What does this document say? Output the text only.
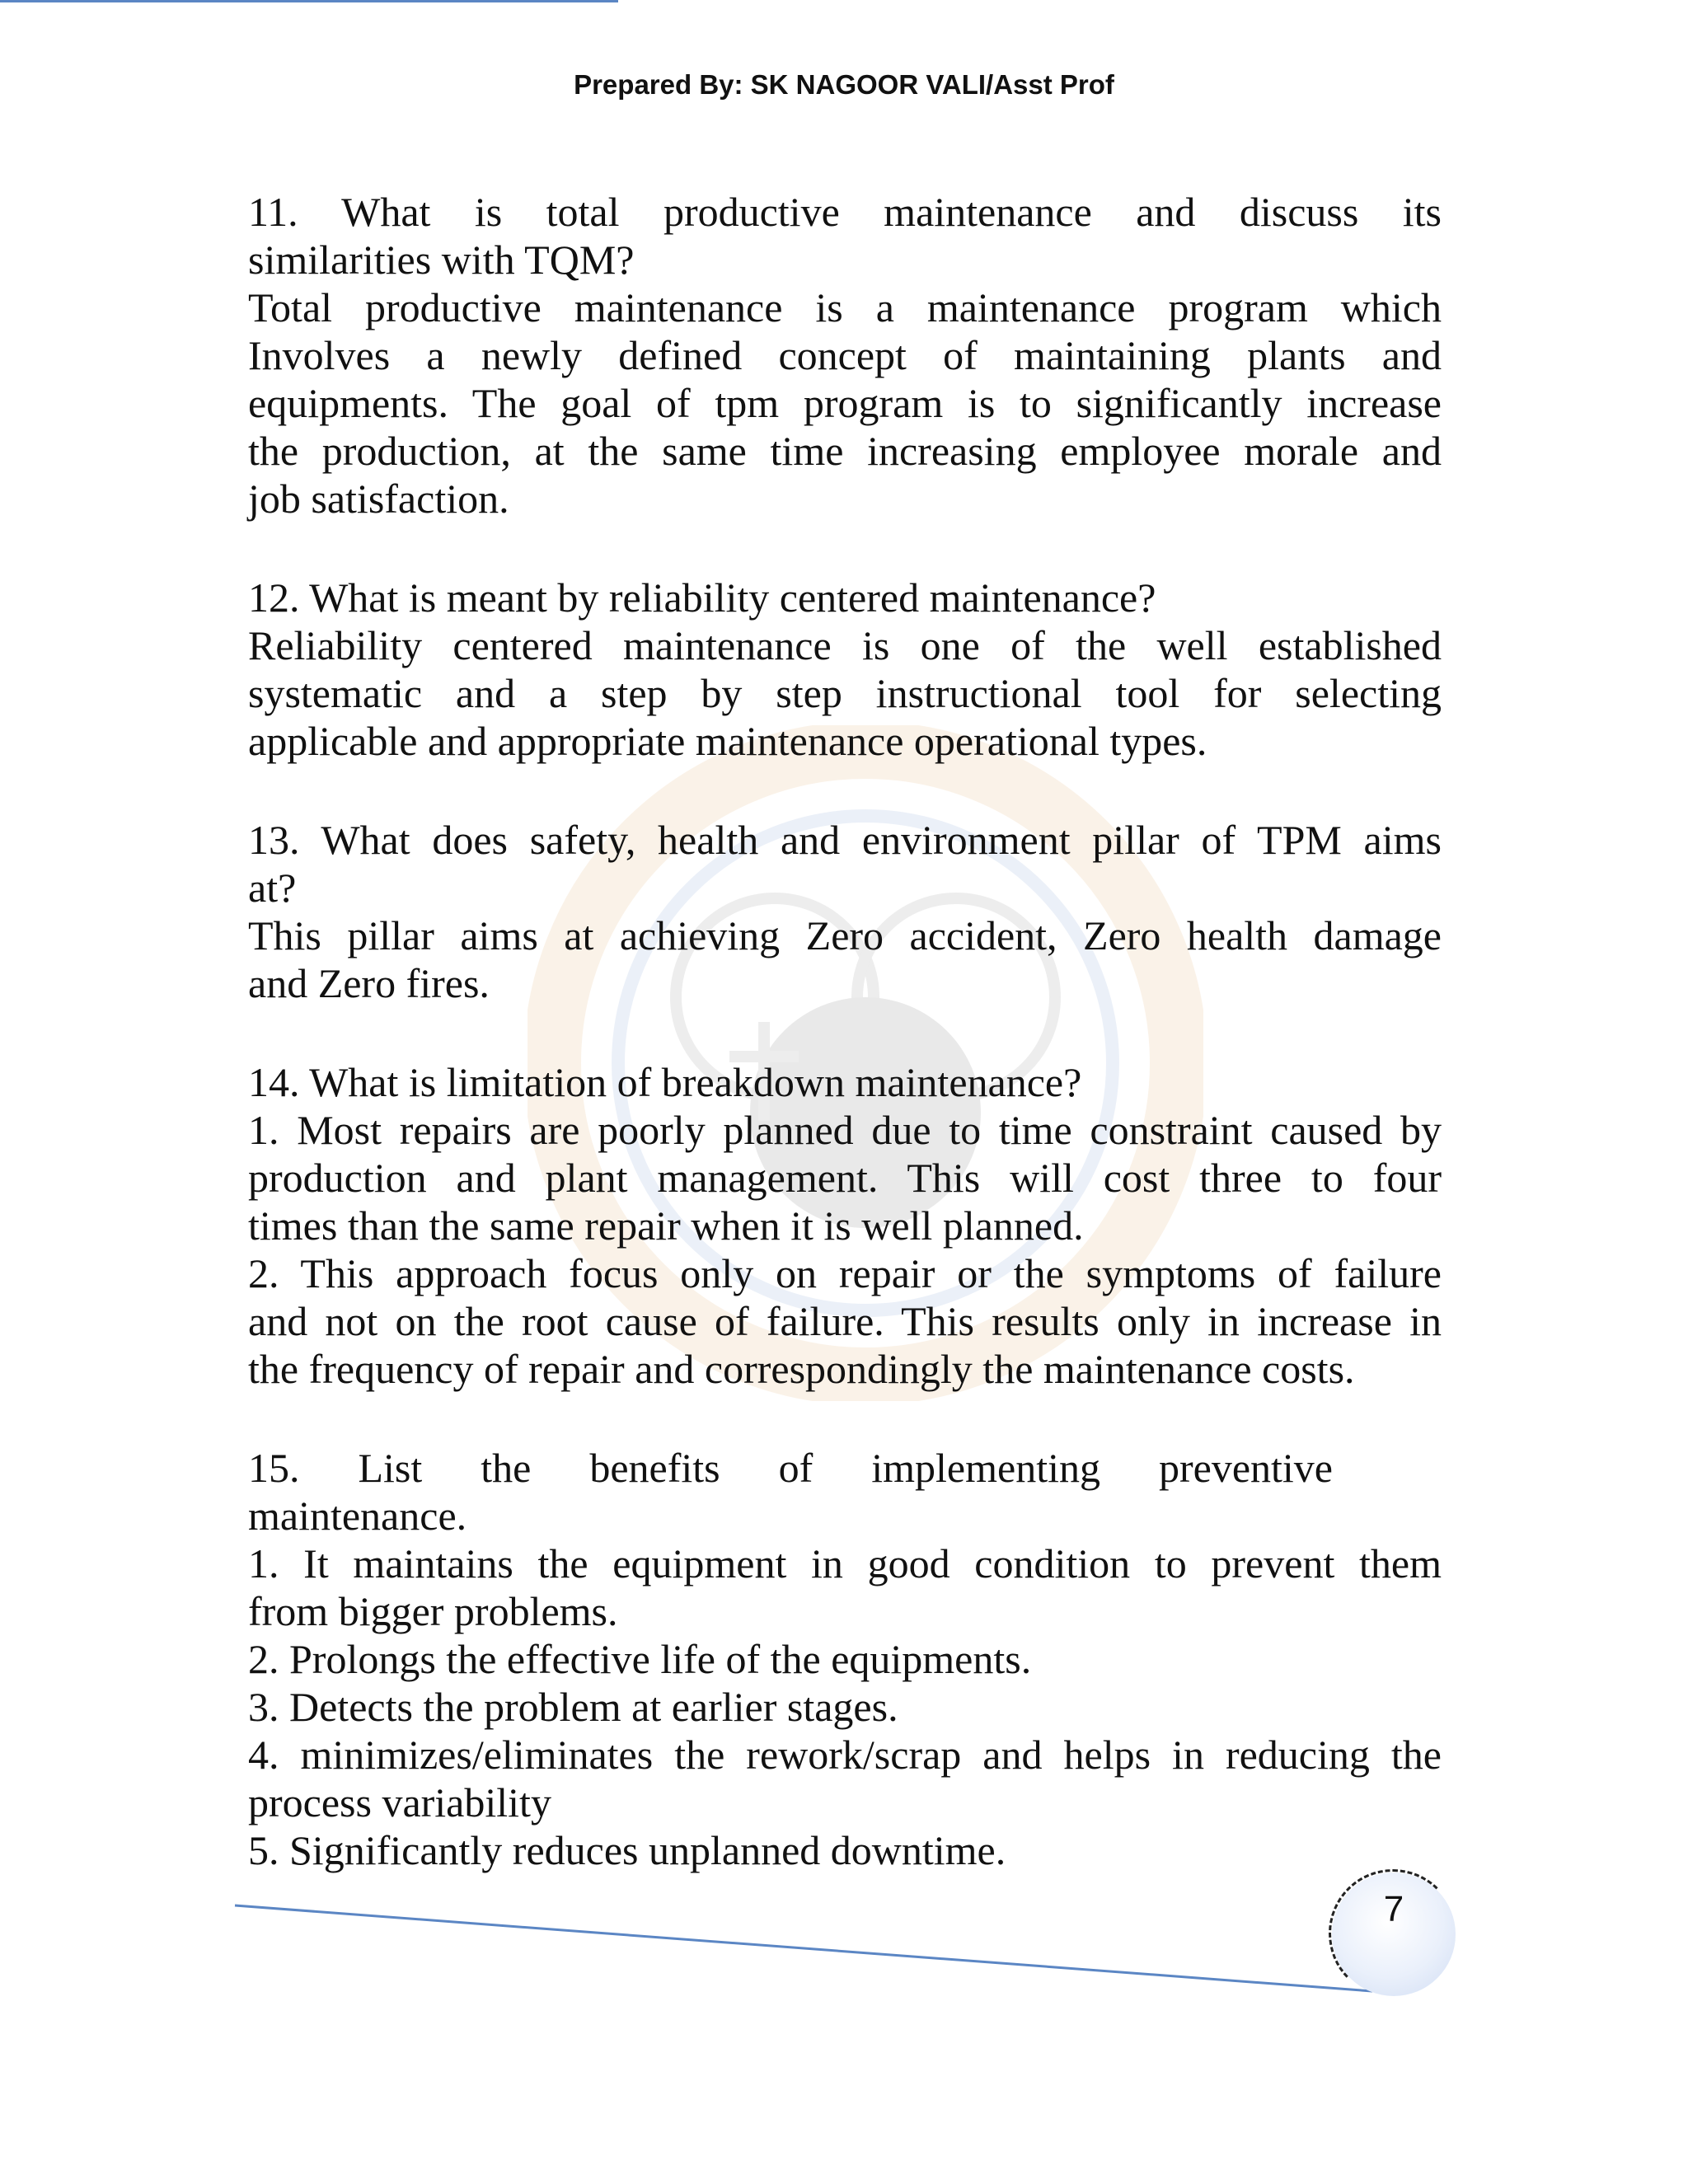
Prepared By: SK NAGOOR VALI/Asst Prof
11. What is total productive maintenance and discuss its
similarities with TQM?
Total productive maintenance is a maintenance program which
Involves a newly defined concept of maintaining plants and
equipments. The goal of tpm program is to significantly increase
the production, at the same time increasing employee morale and
job satisfaction.
12. What is meant by reliability centered maintenance?
Reliability centered maintenance is one of the well established
systematic and a step by step instructional tool for selecting
applicable and appropriate maintenance operational types.
13. What does safety, health and environment pillar of TPM aims
at?
This pillar aims at achieving Zero accident, Zero health damage
and Zero fires.
14. What is limitation of breakdown maintenance?
1. Most repairs are poorly planned due to time constraint caused by
production and plant management. This will cost three to four
times than the same repair when it is well planned.
2. This approach focus only on repair or the symptoms of failure
and not on the root cause of failure. This results only in increase in
the frequency of repair and correspondingly the maintenance costs.
15. List the benefits of implementing preventive
maintenance.
1. It maintains the equipment in good condition to prevent them
from bigger problems.
2. Prolongs the effective life of the equipments.
3. Detects the problem at earlier stages.
4. minimizes/eliminates the rework/scrap and helps in reducing the
process variability
5. Significantly reduces unplanned downtime.
7
